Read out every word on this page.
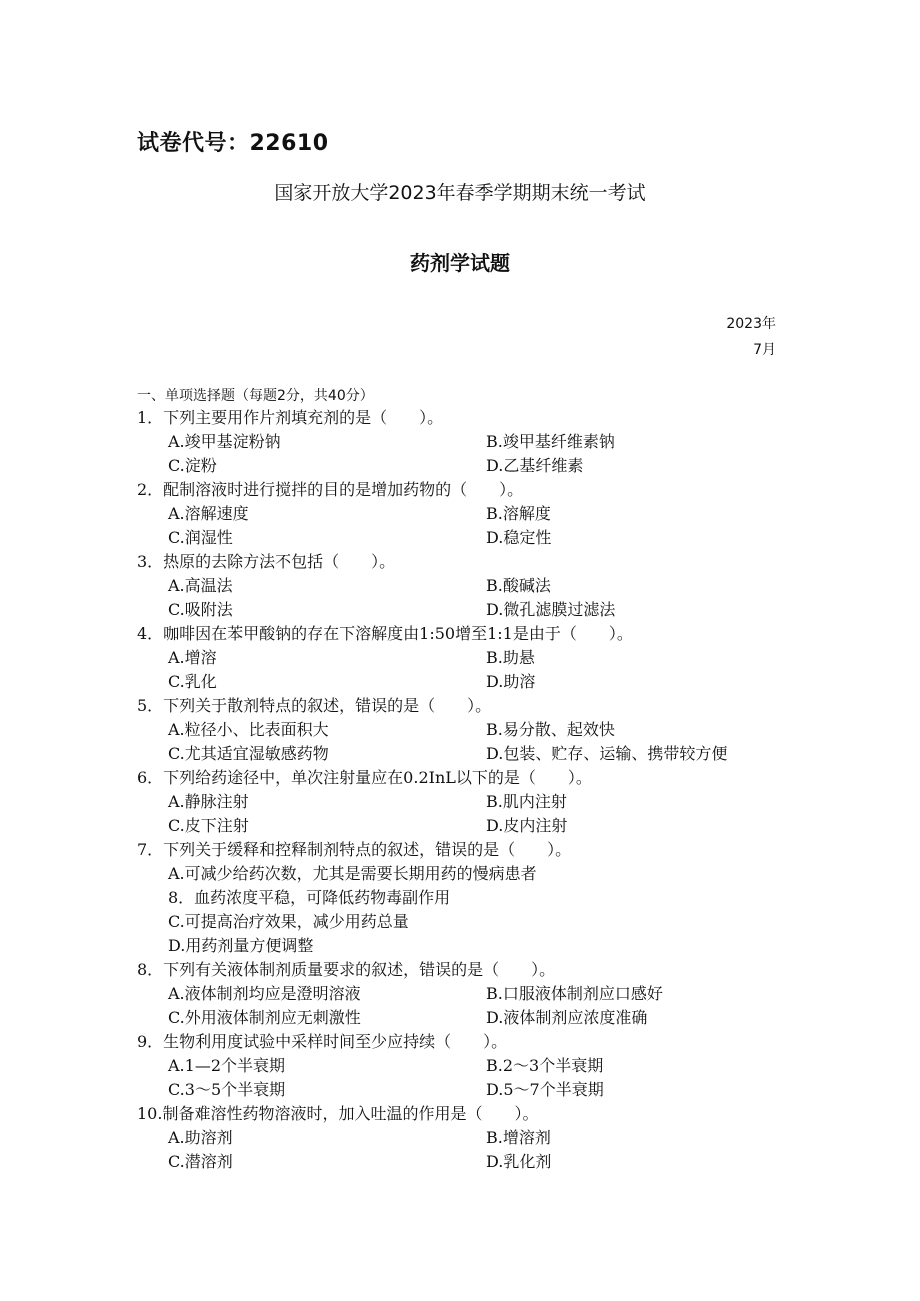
试卷代号：22610
国家开放大学2023年春季学期期末统一考试
药剂学试题
2023年
7月
一、单项选择题（每题2分，共40分）
1．下列主要用作片剂填充剂的是（　　）。
A.竣甲基淀粉钠	B.竣甲基纤维素钠
C.淀粉	D.乙基纤维素
2．配制溶液时进行搅拌的目的是增加药物的（　　）。
A.溶解速度	B.溶解度
C.润湿性	D.稳定性
3．热原的去除方法不包括（　　）。
A.高温法	B.酸碱法
C.吸附法	D.微孔滤膜过滤法
4．咖啡因在苯甲酸钠的存在下溶解度由1:50增至1:1是由于（　　）。
A.增溶	B.助悬
C.乳化	D.助溶
5．下列关于散剂特点的叙述，错误的是（　　）。
A.粒径小、比表面积大	B.易分散、起效快
C.尤其适宜湿敏感药物	D.包装、贮存、运输、携带较方便
6．下列给药途径中，单次注射量应在0.2InL以下的是（　　）。
A.静脉注射	B.肌内注射
C.皮下注射	D.皮内注射
7．下列关于缓释和控释制剂特点的叙述，错误的是（　　）。
A.可减少给药次数，尤其是需要长期用药的慢病患者
8．血药浓度平稳，可降低药物毒副作用
C.可提高治疗效果，减少用药总量
D.用药剂量方便调整
8．下列有关液体制剂质量要求的叙述，错误的是（　　）。
A.液体制剂均应是澄明溶液	B.口服液体制剂应口感好
C.外用液体制剂应无刺激性	D.液体制剂应浓度准确
9．生物利用度试验中采样时间至少应持续（　　）。
A.1—2个半衰期	B.2～3个半衰期
C.3～5个半衰期	D.5～7个半衰期
10.制备难溶性药物溶液时，加入吐温的作用是（　　）。
A.助溶剂	B.增溶剂
C.潜溶剂	D.乳化剂
